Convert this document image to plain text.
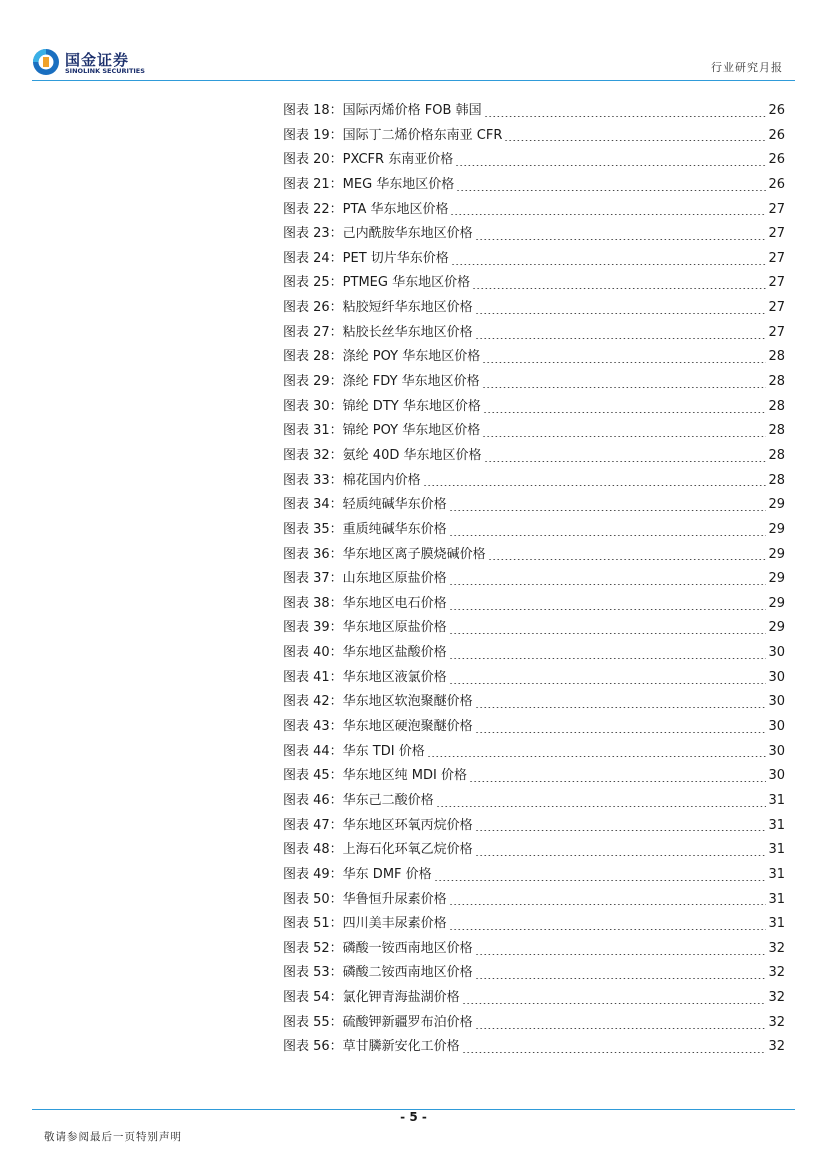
国金证券
SINOLINK SECURITIES	行业研究月报
图表 18：国际丙烯价格 FOB 韩国	26
图表 19：国际丁二烯价格东南亚 CFR	26
图表 20：PXCFR 东南亚价格	26
图表 21：MEG 华东地区价格	26
图表 22：PTA 华东地区价格	27
图表 23：己内酰胺华东地区价格	27
图表 24：PET 切片华东价格	27
图表 25：PTMEG 华东地区价格	27
图表 26：粘胶短纤华东地区价格	27
图表 27：粘胶长丝华东地区价格	27
图表 28：涤纶 POY 华东地区价格	28
图表 29：涤纶 FDY 华东地区价格	28
图表 30：锦纶 DTY 华东地区价格	28
图表 31：锦纶 POY 华东地区价格	28
图表 32：氨纶 40D 华东地区价格	28
图表 33：棉花国内价格	28
图表 34：轻质纯碱华东价格	29
图表 35：重质纯碱华东价格	29
图表 36：华东地区离子膜烧碱价格	29
图表 37：山东地区原盐价格	29
图表 38：华东地区电石价格	29
图表 39：华东地区原盐价格	29
图表 40：华东地区盐酸价格	30
图表 41：华东地区液氯价格	30
图表 42：华东地区软泡聚醚价格	30
图表 43：华东地区硬泡聚醚价格	30
图表 44：华东 TDI 价格	30
图表 45：华东地区纯 MDI 价格	30
图表 46：华东己二酸价格	31
图表 47：华东地区环氧丙烷价格	31
图表 48：上海石化环氧乙烷价格	31
图表 49：华东 DMF 价格	31
图表 50：华鲁恒升尿素价格	31
图表 51：四川美丰尿素价格	31
图表 52：磷酸一铵西南地区价格	32
图表 53：磷酸二铵西南地区价格	32
图表 54：氯化钾青海盐湖价格	32
图表 55：硫酸钾新疆罗布泊价格	32
图表 56：草甘膦新安化工价格	32
- 5 -
敬请参阅最后一页特别声明
